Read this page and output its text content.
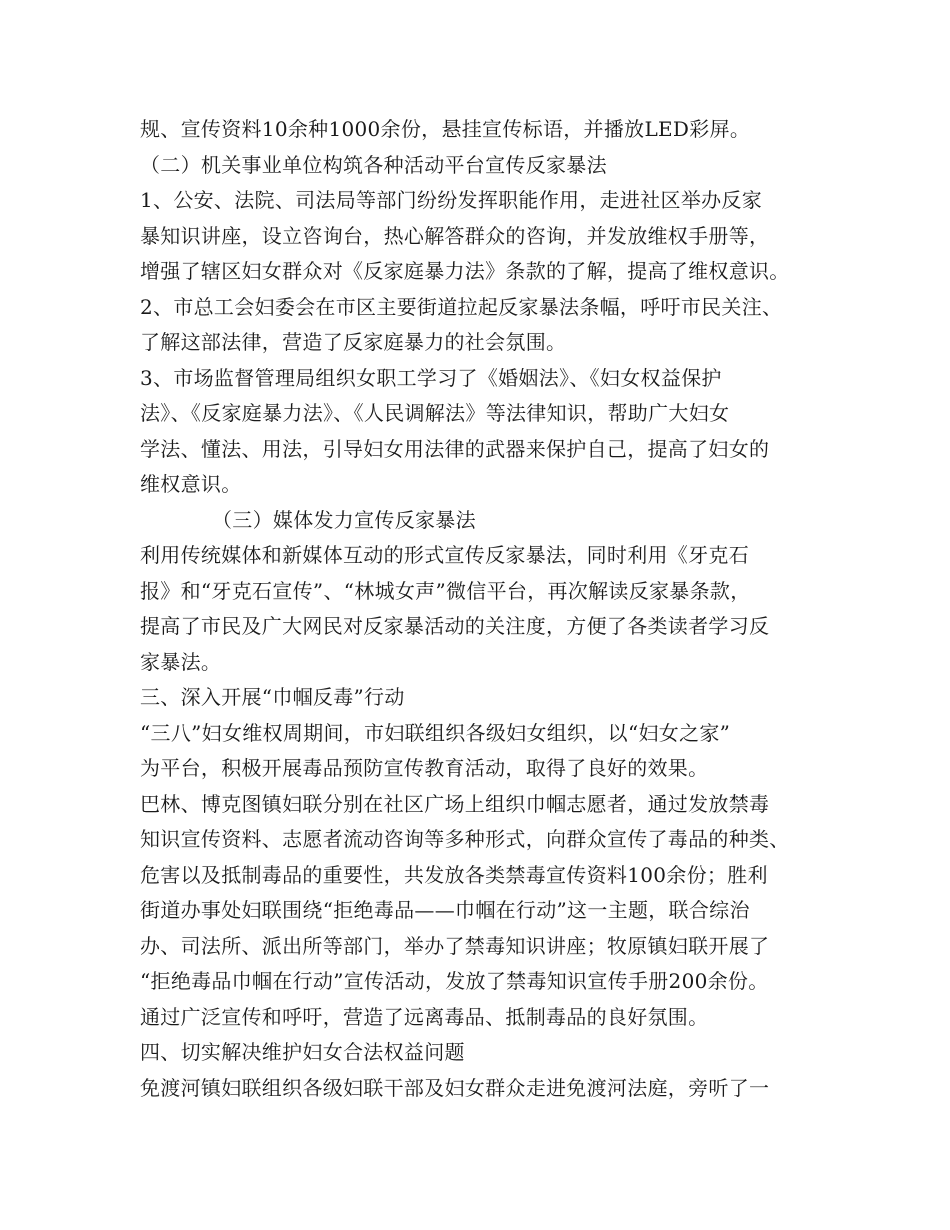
规、宣传资料10余种1000余份，悬挂宣传标语，并播放LED彩屏。
（二）机关事业单位构筑各种活动平台宣传反家暴法
1、公安、法院、司法局等部门纷纷发挥职能作用，走进社区举办反家
暴知识讲座，设立咨询台，热心解答群众的咨询，并发放维权手册等，
增强了辖区妇女群众对《反家庭暴力法》条款的了解，提高了维权意识。
2、市总工会妇委会在市区主要街道拉起反家暴法条幅，呼吁市民关注、
了解这部法律，营造了反家庭暴力的社会氛围。
3、市场监督管理局组织女职工学习了《婚姻法》、《妇女权益保护
法》、《反家庭暴力法》、《人民调解法》等法律知识，帮助广大妇女
学法、懂法、用法，引导妇女用法律的武器来保护自己，提高了妇女的
维权意识。
（三）媒体发力宣传反家暴法
利用传统媒体和新媒体互动的形式宣传反家暴法，同时利用《牙克石
报》和“牙克石宣传”、“林城女声”微信平台，再次解读反家暴条款，
提高了市民及广大网民对反家暴活动的关注度，方便了各类读者学习反
家暴法。
三、深入开展“巾帼反毒”行动
“三八”妇女维权周期间，市妇联组织各级妇女组织，以“妇女之家”
为平台，积极开展毒品预防宣传教育活动，取得了良好的效果。
巴林、博克图镇妇联分别在社区广场上组织巾帼志愿者，通过发放禁毒
知识宣传资料、志愿者流动咨询等多种形式，向群众宣传了毒品的种类、
危害以及抵制毒品的重要性，共发放各类禁毒宣传资料100余份；胜利
街道办事处妇联围绕“拒绝毒品——巾帼在行动”这一主题，联合综治
办、司法所、派出所等部门，举办了禁毒知识讲座；牧原镇妇联开展了
“拒绝毒品巾帼在行动”宣传活动，发放了禁毒知识宣传手册200余份。
通过广泛宣传和呼吁，营造了远离毒品、抵制毒品的良好氛围。
四、切实解决维护妇女合法权益问题
免渡河镇妇联组织各级妇联干部及妇女群众走进免渡河法庭，旁听了一
